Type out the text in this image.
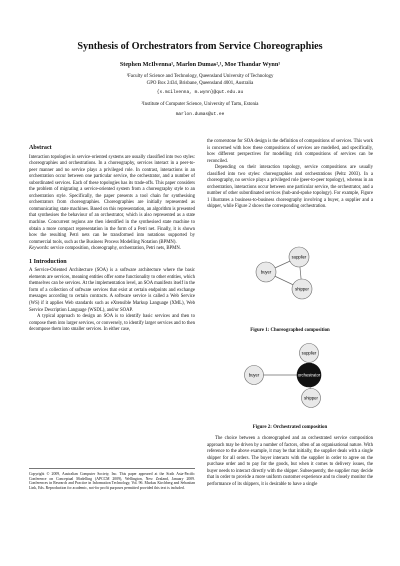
Synthesis of Orchestrators from Service Choreographies
Stephen McIlvenna¹, Marlon Dumas²,¹, Moe Thandar Wynn¹
¹Faculty of Science and Technology, Queensland University of Technology
GPO Box 2434, Brisbane, Queensland 4001, Australia
{s.mcilvenna, m.wynn}@qut.edu.au
²Institute of Computer Science, University of Tartu, Estonia
marlon.dumas@ut.ee
Abstract

Interaction topologies in service-oriented systems are usually classified into two styles: choreographies and orchestrations. In a choreography, services interact in a peer-to-peer manner and no service plays a privileged role. In contrast, interactions in an orchestration occur between one particular service, the orchestrator, and a number of subordinated services. Each of these topologies has its trade-offs. This paper considers the problem of migrating a service-oriented system from a choreography style to an orchestration style. Specifically, the paper presents a tool chain for synthesising orchestrators from choreographies. Choreographies are initially represented as communicating state machines. Based on this representation, an algorithm is presented that synthesises the behaviour of an orchestrator, which is also represented as a state machine. Concurrent regions are then identified in the synthesised state machine to obtain a more compact representation in the form of a Petri net. Finally, it is shown how the resulting Petri nets can be transformed into notations supported by commercial tools, such as the Business Process Modelling Notation (BPMN).

Keywords: service composition, choreography, orchestration, Petri nets, BPMN.

1 Introduction

A Service-Oriented Architecture (SOA) is a software architecture where the basic elements are services, meaning entities offer some functionality to other entities, which themselves can be services. At the implementation level, an SOA manifests itself in the form of a collection of software services that exist at certain endpoints and exchange messages according to certain contracts. A software service is called a Web Service (WS) if it applies Web standards such as eXtensible Markup Language (XML), Web Service Description Language (WSDL), and/or SOAP.

A typical approach to design an SOA is to identify basic services and then to compose them into larger services, or conversely, to identify larger services and to then decompose them into smaller services. In either case,

Copyright © 2009, Australian Computer Society, Inc. This paper appeared at the Sixth Asia-Pacific Conference on Conceptual Modelling (APCCM 2009), Wellington, New Zealand, January 2009. Conferences in Research and Practice in Information Technology, Vol. 96. Markus Kirchberg and Sebastian Link, Eds. Reproduction for academic, not-for profit purposes permitted provided this text is included.

the cornerstone for SOA design is the definition of compositions of services. This work is concerned with how these compositions of services are modelled, and specifically, how different perspectives for modelling rich compositions of services can be reconciled.

Depending on their interaction topology, service compositions are usually classified into two styles: choreographies and orchestrations (Peltz 2003). In a choreography, no service plays a privileged role (peer-to-peer topology), whereas in an orchestration, interactions occur between one particular service, the orchestrator, and a number of other subordinated services (hub-and-spoke topology). For example, Figure 1 illustrates a business-to-business choreography involving a buyer, a supplier and a shipper, while Figure 2 shows the corresponding orchestration.

supplier
buyer
shipper
Figure 1: Choreographed composition
supplier
buyer	orchestrator
shipper
Figure 2: Orchestrated composition

The choice between a choreographed and an orchestrated service composition approach may be driven by a number of factors, often of an organisational nature. With reference to the above example, it may be that initially, the supplier deals with a single shipper for all orders. The buyer interacts with the supplier in order to agree on the purchase order and to pay for the goods, but when it comes to delivery issues, the buyer needs to interact directly with the shipper. Subsequently, the supplier may decide that in order to provide a more uniform customer experience and to closely monitor the performance of its shippers, it is desirable to have a single
